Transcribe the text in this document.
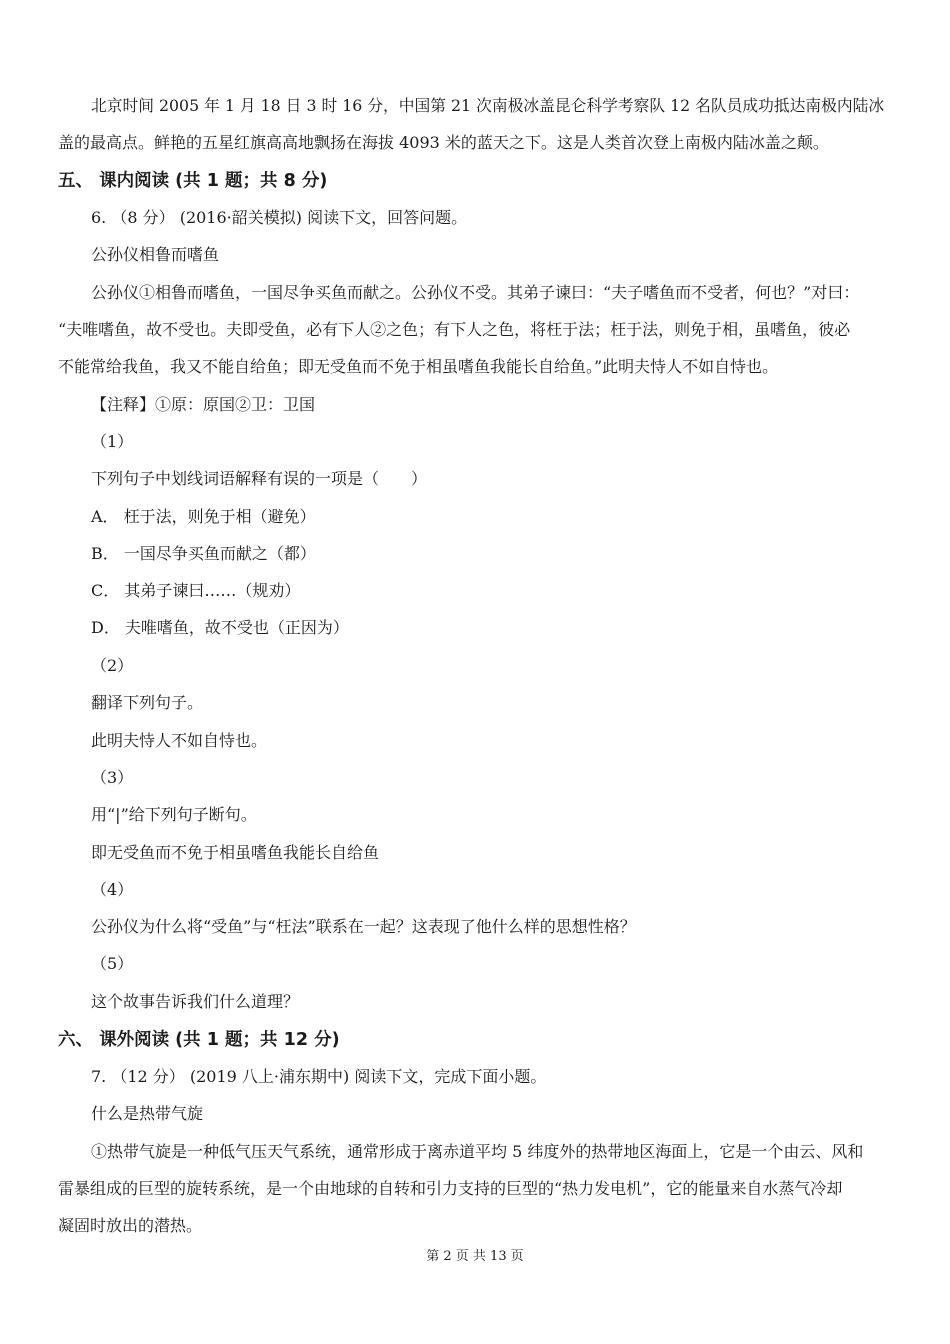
北京时间 2005 年 1 月 18 日 3 时 16 分，中国第 21 次南极冰盖昆仑科学考察队 12 名队员成功抵达南极内陆冰
盖的最高点。鲜艳的五星红旗高高地飘扬在海拔 4093 米的蓝天之下。这是人类首次登上南极内陆冰盖之颠。
五、 课内阅读 (共 1 题；共 8 分)
6. （8 分） (2016·韶关模拟) 阅读下文，回答问题。
公孙仪相鲁而嗜鱼
公孙仪①相鲁而嗜鱼，一国尽争买鱼而献之。公孙仪不受。其弟子谏曰：“夫子嗜鱼而不受者，何也？”对曰：
“夫唯嗜鱼，故不受也。夫即受鱼，必有下人②之色；有下人之色，将枉于法；枉于法，则免于相，虽嗜鱼，彼必
不能常给我鱼，我又不能自给鱼；即无受鱼而不免于相虽嗜鱼我能长自给鱼。”此明夫恃人不如自恃也。
【注释】①原：原国②卫：卫国
（1）
下列句子中划线词语解释有误的一项是（　　）
A． 枉于法，则免于相（避免）
B． 一国尽争买鱼而献之（都）
C． 其弟子谏曰……（规劝）
D． 夫唯嗜鱼，故不受也（正因为）
（2）
翻译下列句子。
此明夫恃人不如自恃也。
（3）
用“|”给下列句子断句。
即无受鱼而不免于相虽嗜鱼我能长自给鱼
（4）
公孙仪为什么将“受鱼”与“枉法”联系在一起？这表现了他什么样的思想性格？
（5）
这个故事告诉我们什么道理？
六、 课外阅读 (共 1 题；共 12 分)
7. （12 分） (2019 八上·浦东期中) 阅读下文，完成下面小题。
什么是热带气旋
①热带气旋是一种低气压天气系统，通常形成于离赤道平均 5 纬度外的热带地区海面上，它是一个由云、风和
雷暴组成的巨型的旋转系统，是一个由地球的自转和引力支持的巨型的“热力发电机”，它的能量来自水蒸气冷却
凝固时放出的潜热。
第 2 页 共 13 页
